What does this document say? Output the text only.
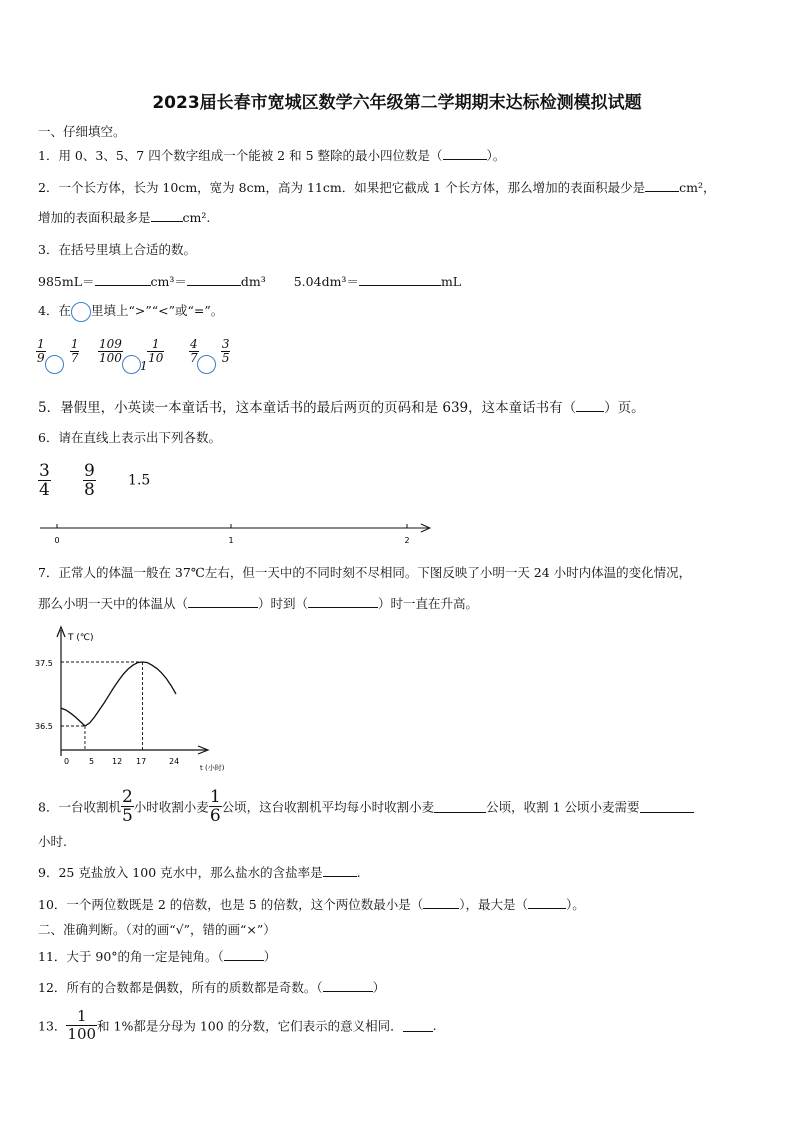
2023届长春市宽城区数学六年级第二学期期末达标检测模拟试题
一、仔细填空。
1．用 0、3、5、7 四个数字组成一个能被 2 和 5 整除的最小四位数是（	）。
2．一个长方体，长为 10cm，宽为 8cm，高为 11cm．如果把它截成 1 个长方体，那么增加的表面积最少是	cm²，
增加的表面积最多是	cm².
3．在括号里填上合适的数。
985mL＝	cm³＝	dm³ 5.04dm³＝	mL
4．在 里填上“>”“<”或“=”。
$\frac{1}{9}$
$\frac{1}{7} \frac{109}{100}$
$\frac{1}{10}$
1
$\frac{4}{7}$
$\frac{3}{5}$
5．暑假里，小英读一本童话书，这本童话书的最后两页的页码和是 639，这本童话书有（ ）页。
6．请在直线上表示出下列各数。
$\frac{3}{4}$
$\frac{9}{8} 1.5$
0	1	2
7．正常人的体温一般在 37℃左右，但一天中的不同时刻不尽相同。下图反映了小明一天 24 小时内体温的变化情况，
那么小明一天中的体温从（	）时到（	）时一直在升高。
T (℃)
t (小时)
37.5
36.5
0 5 12 17	24
8．一台收割机 $\frac{2}{5}$ 小时收割小麦 $\frac{1}{6}$ 公顷，这台收割机平均每小时收割小麦	公顷，收割 1 公顷小麦需要
小时.
9．25 克盐放入 100 克水中，那么盐水的含盐率是	.
10．一个两位数既是 2 的倍数，也是 5 的倍数，这个两位数最小是（	），最大是（	）。
二、准确判断。（对的画“√”，错的画“×”）
11．大于 90°的角一定是钝角。（	）
12．所有的合数都是偶数，所有的质数都是奇数。（	）
13． $\frac{1}{100}$ 和 1%都是分母为 100 的分数，它们表示的意义相同． .
